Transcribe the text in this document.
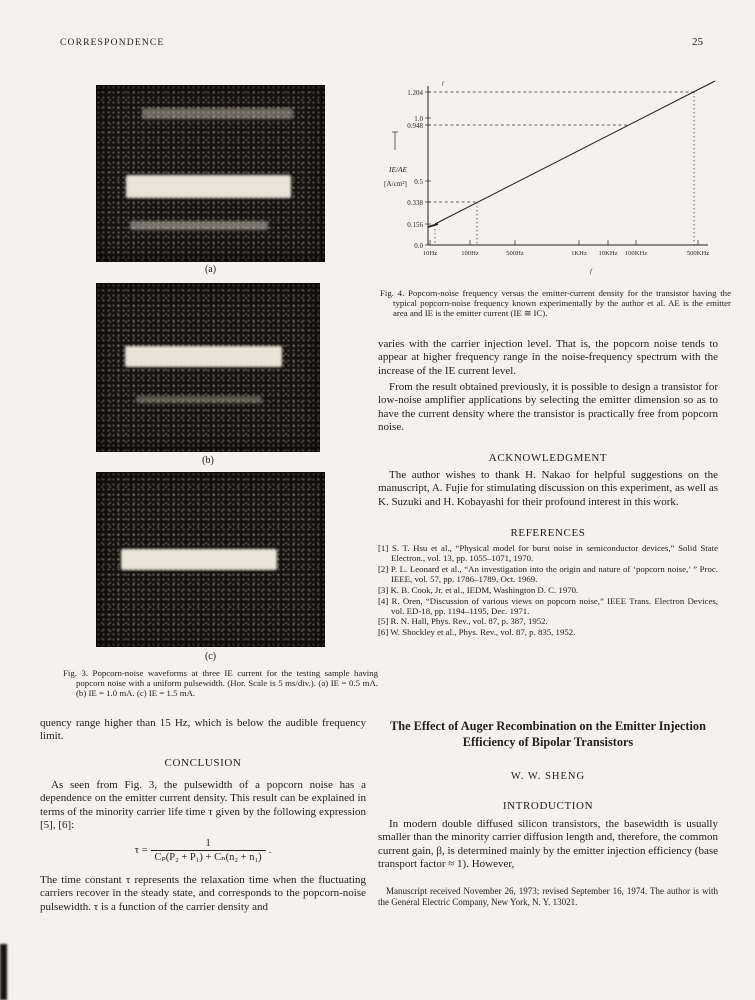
CORRESPONDENCE	25
(a)
(b)
(c)
Fig. 3. Popcorn-noise waveforms at three IE current for the testing sample having popcorn noise with a uniform pulsewidth. (Hor. Scale is 5 ms/div.). (a) IE = 0.5 mA. (b) IE = 1.0 mA. (c) IE = 1.5 mA.
quency range higher than 15 Hz, which is below the audible frequency limit.
CONCLUSION
As seen from Fig. 3, the pulsewidth of a popcorn noise has a dependence on the emitter current density. This result can be explained in terms of the minority carrier life time τ given by the following expression [5], [6]:
$\tau = \frac{1}{\text{Cₚ(P₂ + P₁) + Cₙ(n₂ + n₁)}}$ .
The time constant τ represents the relaxation time when the fluctuating carriers recover in the steady state, and corresponds to the popcorn-noise pulsewidth. τ is a function of the carrier density and
1.204
1.0
0.948
0.5
0.338
0.156
0.0
IE/AE
[A/cm²]
10Hz	100Hz	500Hz	1KHz 10KHz 100KHz	500KHz
f
f
Fig. 4. Popcorn-noise frequency versus the emitter-current density for the transistor having the typical popcorn-noise frequency known experimentally by the author et al. AE is the emitter area and IE is the emitter current (IE ≅ IC).
varies with the carrier injection level. That is, the popcorn noise tends to appear at higher frequency range in the noise-frequency spectrum with the increase of the IE current level.
From the result obtained previously, it is possible to design a transistor for low-noise amplifier applications by selecting the emitter dimension so as to have the current density where the transistor is practically free from popcorn noise.
ACKNOWLEDGMENT
The author wishes to thank H. Nakao for helpful suggestions on the manuscript, A. Fujie for stimulating discussion on this experiment, as well as K. Suzuki and H. Kobayashi for their profound interest in this work.
REFERENCES
[1] S. T. Hsu et al., “Physical model for burst noise in semiconductor devices,” Solid State Electron., vol. 13, pp. 1055–1071, 1970.
[2] P. L. Leonard et al., “An investigation into the origin and nature of ‘popcorn noise,’ ” Proc. IEEE, vol. 57, pp. 1786–1789, Oct. 1969.
[3] K. B. Cook, Jr. et al., IEDM, Washington D. C. 1970.
[4] R. Oren, “Discussion of various views on popcorn noise,” IEEE Trans. Electron Devices, vol. ED-18, pp. 1194–1195, Dec. 1971.
[5] R. N. Hall, Phys. Rev., vol. 87, p. 387, 1952.
[6] W. Shockley et al., Phys. Rev., vol. 87, p. 835, 1952.
The Effect of Auger Recombination on the Emitter Injection Efficiency of Bipolar Transistors
W. W. SHENG
INTRODUCTION
In modern double diffused silicon transistors, the basewidth is usually smaller than the minority carrier diffusion length and, therefore, the common current gain, β, is determined mainly by the emitter injection efficiency (base transport factor ≈ 1). However,
Manuscript received November 26, 1973; revised September 16, 1974. The author is with the General Electric Company, New York, N. Y. 13021.
